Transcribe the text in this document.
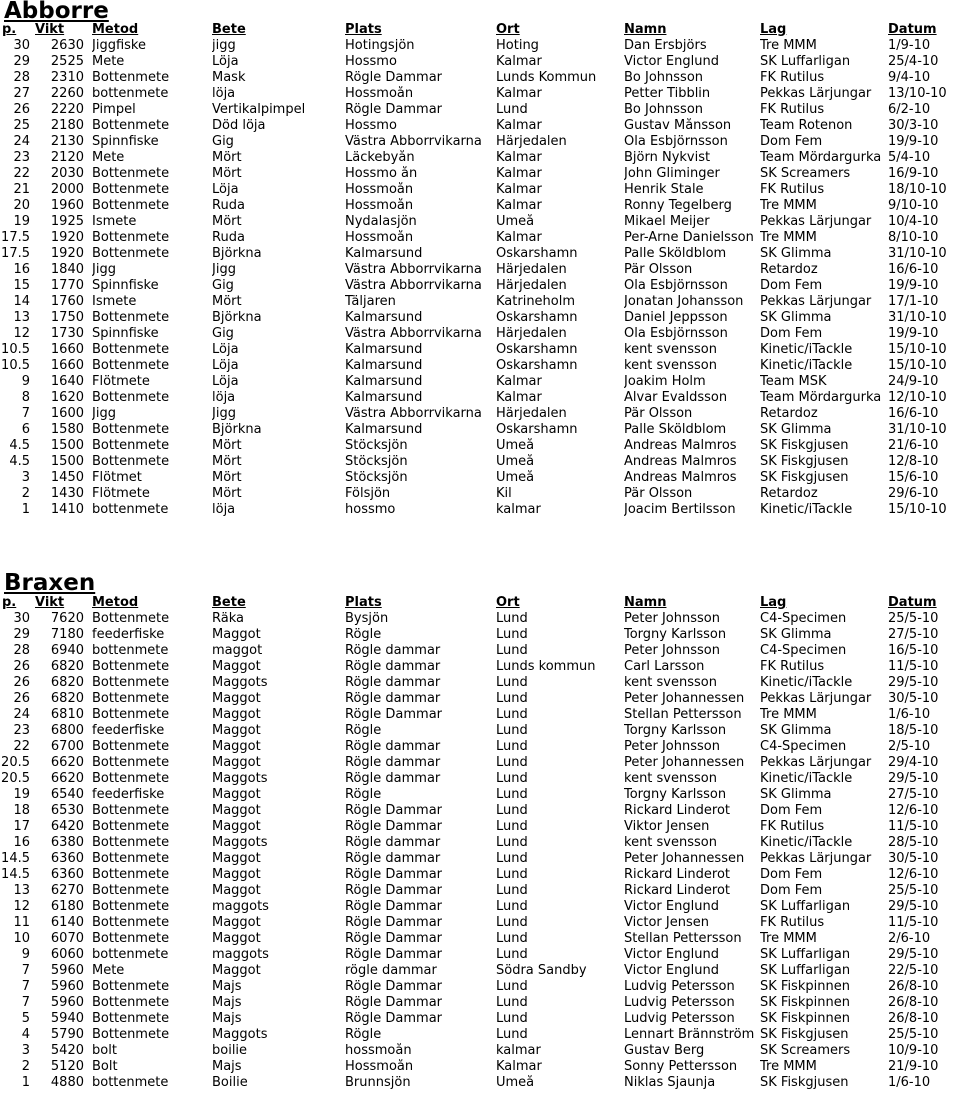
Abborre
p.	Vikt	Metod	Bete	Plats	Ort	Namn	Lag	Datum
30	2630	Jiggfiske	jigg	Hotingsjön	Hoting	Dan Ersbjörs	Tre MMM	1/9-10
29	2525	Mete	Löja	Hossmo	Kalmar	Victor Englund	SK Luffarligan	25/4-10
28	2310	Bottenmete	Mask	Rögle Dammar	Lunds Kommun	Bo Johnsson	FK Rutilus	9/4-10
27	2260	bottenmete	löja	Hossmoån	Kalmar	Petter Tibblin	Pekkas Lärjungar	13/10-10
26	2220	Pimpel	Vertikalpimpel	Rögle Dammar	Lund	Bo Johnsson	FK Rutilus	6/2-10
25	2180	Bottenmete	Död löja	Hossmo	Kalmar	Gustav Månsson	Team Rotenon	30/3-10
24	2130	Spinnfiske	Gig	Västra Abborrvikarna	Härjedalen	Ola Esbjörnsson	Dom Fem	19/9-10
23	2120	Mete	Mört	Läckebyån	Kalmar	Björn Nykvist	Team Mördargurka	5/4-10
22	2030	Bottenmete	Mört	Hossmo ån	Kalmar	John Gliminger	SK Screamers	16/9-10
21	2000	Bottenmete	Löja	Hossmoån	Kalmar	Henrik Stale	FK Rutilus	18/10-10
20	1960	Bottenmete	Ruda	Hossmoån	Kalmar	Ronny Tegelberg	Tre MMM	9/10-10
19	1925	Ismete	Mört	Nydalasjön	Umeå	Mikael Meijer	Pekkas Lärjungar	10/4-10
17.5	1920	Bottenmete	Ruda	Hossmoån	Kalmar	Per-Arne Danielsson	Tre MMM	8/10-10
17.5	1920	Bottenmete	Björkna	Kalmarsund	Oskarshamn	Palle Sköldblom	SK Glimma	31/10-10
16	1840	Jigg	Jigg	Västra Abborrvikarna	Härjedalen	Pär Olsson	Retardoz	16/6-10
15	1770	Spinnfiske	Gig	Västra Abborrvikarna	Härjedalen	Ola Esbjörnsson	Dom Fem	19/9-10
14	1760	Ismete	Mört	Täljaren	Katrineholm	Jonatan Johansson	Pekkas Lärjungar	17/1-10
13	1750	Bottenmete	Björkna	Kalmarsund	Oskarshamn	Daniel Jeppsson	SK Glimma	31/10-10
12	1730	Spinnfiske	Gig	Västra Abborrvikarna	Härjedalen	Ola Esbjörnsson	Dom Fem	19/9-10
10.5	1660	Bottenmete	Löja	Kalmarsund	Oskarshamn	kent svensson	Kinetic/iTackle	15/10-10
10.5	1660	Bottenmete	Löja	Kalmarsund	Oskarshamn	kent svensson	Kinetic/iTackle	15/10-10
9	1640	Flötmete	Löja	Kalmarsund	Kalmar	Joakim Holm	Team MSK	24/9-10
8	1620	Bottenmete	löja	Kalmarsund	Kalmar	Alvar Evaldsson	Team Mördargurka	12/10-10
7	1600	Jigg	Jigg	Västra Abborrvikarna	Härjedalen	Pär Olsson	Retardoz	16/6-10
6	1580	Bottenmete	Björkna	Kalmarsund	Oskarshamn	Palle Sköldblom	SK Glimma	31/10-10
4.5	1500	Bottenmete	Mört	Stöcksjön	Umeå	Andreas Malmros	SK Fiskgjusen	21/6-10
4.5	1500	Bottenmete	Mört	Stöcksjön	Umeå	Andreas Malmros	SK Fiskgjusen	12/8-10
3	1450	Flötmet	Mört	Stöcksjön	Umeå	Andreas Malmros	SK Fiskgjusen	15/6-10
2	1430	Flötmete	Mört	Fölsjön	Kil	Pär Olsson	Retardoz	29/6-10
1	1410	bottenmete	löja	hossmo	kalmar	Joacim Bertilsson	Kinetic/iTackle	15/10-10
Braxen
p.	Vikt	Metod	Bete	Plats	Ort	Namn	Lag	Datum
30	7620	Bottenmete	Räka	Bysjön	Lund	Peter Johnsson	C4-Specimen	25/5-10
29	7180	feederfiske	Maggot	Rögle	Lund	Torgny Karlsson	SK Glimma	27/5-10
28	6940	bottenmete	maggot	Rögle dammar	Lund	Peter Johnsson	C4-Specimen	16/5-10
26	6820	Bottenmete	Maggot	Rögle dammar	Lunds kommun	Carl Larsson	FK Rutilus	11/5-10
26	6820	Bottenmete	Maggots	Rögle dammar	Lund	kent svensson	Kinetic/iTackle	29/5-10
26	6820	Bottenmete	Maggot	Rögle dammar	Lund	Peter Johannessen	Pekkas Lärjungar	30/5-10
24	6810	Bottenmete	Maggot	Rögle Dammar	Lund	Stellan Pettersson	Tre MMM	1/6-10
23	6800	feederfiske	Maggot	Rögle	Lund	Torgny Karlsson	SK Glimma	18/5-10
22	6700	Bottenmete	Maggot	Rögle dammar	Lund	Peter Johnsson	C4-Specimen	2/5-10
20.5	6620	Bottenmete	Maggot	Rögle dammar	Lund	Peter Johannessen	Pekkas Lärjungar	29/4-10
20.5	6620	Bottenmete	Maggots	Rögle dammar	Lund	kent svensson	Kinetic/iTackle	29/5-10
19	6540	feederfiske	Maggot	Rögle	Lund	Torgny Karlsson	SK Glimma	27/5-10
18	6530	Bottenmete	Maggot	Rögle Dammar	Lund	Rickard Linderot	Dom Fem	12/6-10
17	6420	Bottenmete	Maggot	Rögle Dammar	Lund	Viktor Jensen	FK Rutilus	11/5-10
16	6380	Bottenmete	Maggots	Rögle dammar	Lund	kent svensson	Kinetic/iTackle	28/5-10
14.5	6360	Bottenmete	Maggot	Rögle dammar	Lund	Peter Johannessen	Pekkas Lärjungar	30/5-10
14.5	6360	Bottenmete	Maggot	Rögle Dammar	Lund	Rickard Linderot	Dom Fem	12/6-10
13	6270	Bottenmete	Maggot	Rögle Dammar	Lund	Rickard Linderot	Dom Fem	25/5-10
12	6180	Bottenmete	maggots	Rögle Dammar	Lund	Victor Englund	SK Luffarligan	29/5-10
11	6140	Bottenmete	Maggot	Rögle Dammar	Lund	Victor Jensen	FK Rutilus	11/5-10
10	6070	Bottenmete	Maggot	Rögle Dammar	Lund	Stellan Pettersson	Tre MMM	2/6-10
9	6060	bottenmete	maggots	Rögle Dammar	Lund	Victor Englund	SK Luffarligan	29/5-10
7	5960	Mete	Maggot	rögle dammar	Södra Sandby	Victor Englund	SK Luffarligan	22/5-10
7	5960	Bottenmete	Majs	Rögle Dammar	Lund	Ludvig Petersson	SK Fiskpinnen	26/8-10
7	5960	Bottenmete	Majs	Rögle Dammar	Lund	Ludvig Petersson	SK Fiskpinnen	26/8-10
5	5940	Bottenmete	Majs	Rögle Dammar	Lund	Ludvig Petersson	SK Fiskpinnen	26/8-10
4	5790	Bottenmete	Maggots	Rögle	Lund	Lennart Brännström	SK Fiskgjusen	25/5-10
3	5420	bolt	boilie	hossmoån	kalmar	Gustav Berg	SK Screamers	10/9-10
2	5120	Bolt	Majs	Hossmoån	Kalmar	Sonny Pettersson	Tre MMM	21/9-10
1	4880	bottenmete	Boilie	Brunnsjön	Umeå	Niklas Sjaunja	SK Fiskgjusen	1/6-10
